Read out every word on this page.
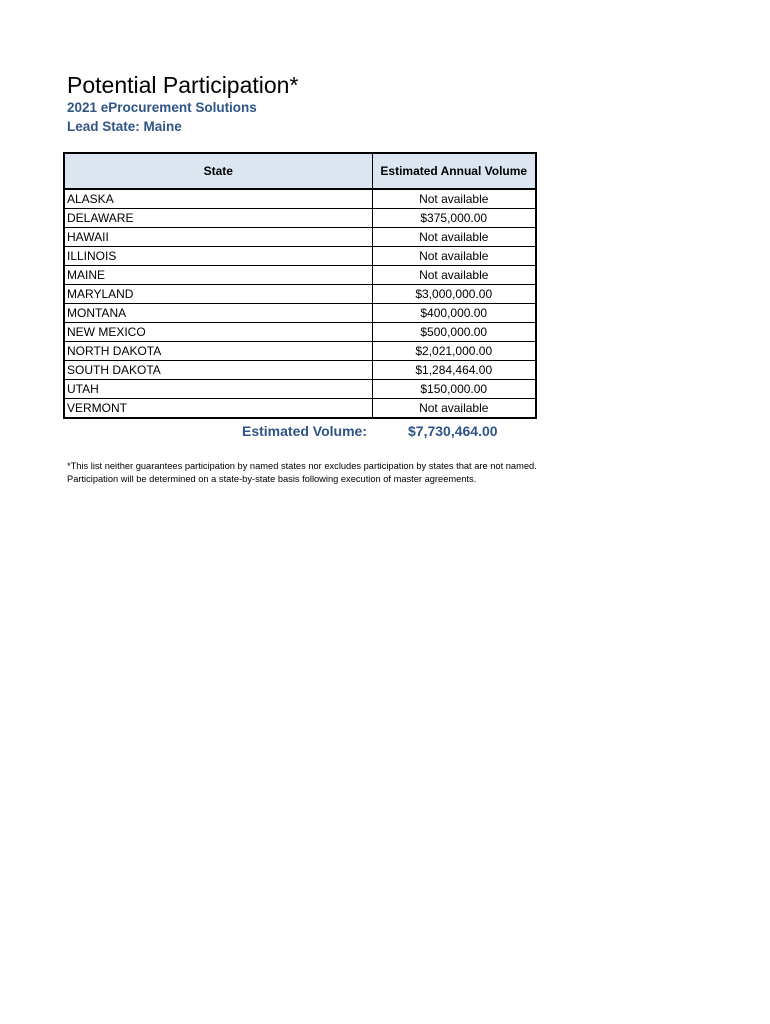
Potential Participation*
2021 eProcurement Solutions
Lead State: Maine
State	Estimated Annual Volume
ALASKA	Not available
DELAWARE	$375,000.00
HAWAII	Not available
ILLINOIS	Not available
MAINE	Not available
MARYLAND	$3,000,000.00
MONTANA	$400,000.00
NEW MEXICO	$500,000.00
NORTH DAKOTA	$2,021,000.00
SOUTH DAKOTA	$1,284,464.00
UTAH	$150,000.00
VERMONT	Not available
Estimated Volume:	$7,730,464.00
*This list neither guarantees participation by named states nor excludes participation by states that are not named. Participation will be determined on a state-by-state basis following execution of master agreements.
